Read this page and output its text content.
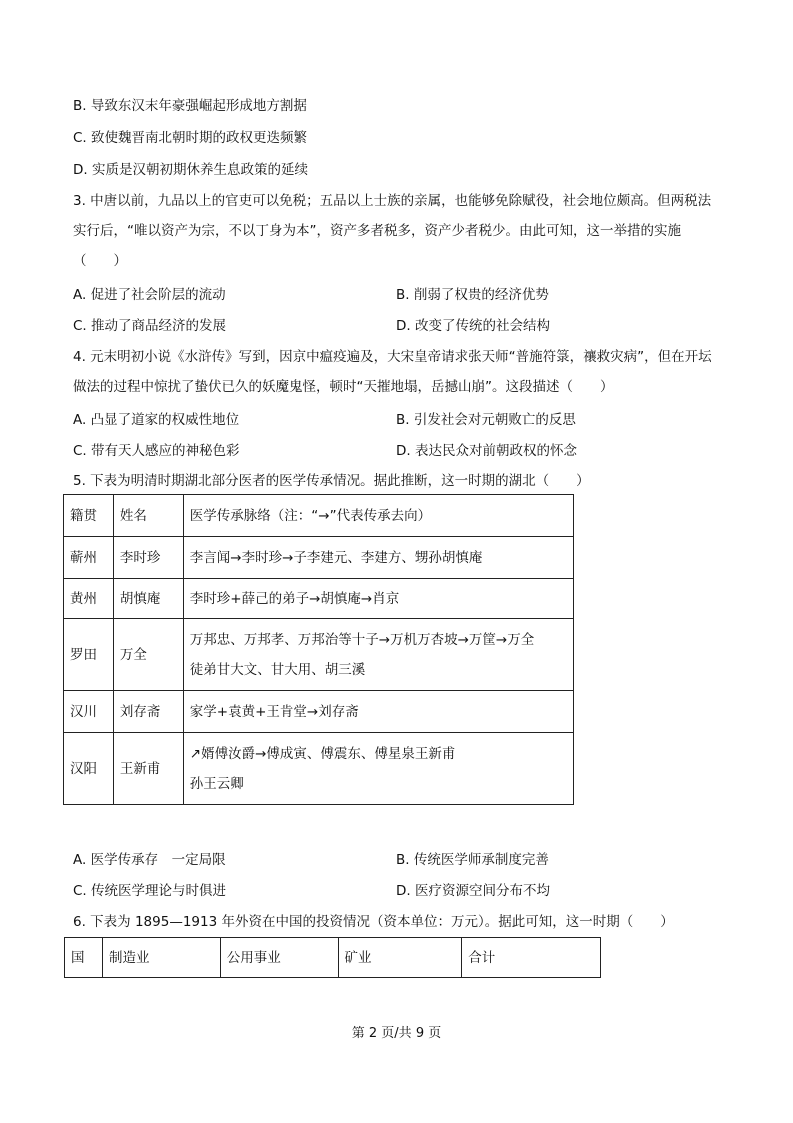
B. 导致东汉末年豪强崛起形成地方割据
C. 致使魏晋南北朝时期的政权更迭频繁
D. 实质是汉朝初期休养生息政策的延续
3. 中唐以前，九品以上的官吏可以免税；五品以上士族的亲属，也能够免除赋役，社会地位颇高。但两税法实行后，“唯以资产为宗，不以丁身为本”，资产多者税多，资产少者税少。由此可知，这一举措的实施（　　）
A. 促进了社会阶层的流动	B. 削弱了权贵的经济优势
C. 推动了商品经济的发展	D. 改变了传统的社会结构
4. 元末明初小说《水浒传》写到，因京中瘟疫遍及，大宋皇帝请求张天师“普施符箓，禳救灾病”，但在开坛做法的过程中惊扰了蛰伏已久的妖魔鬼怪，顿时“天摧地塌，岳撼山崩”。这段描述（　　）
A. 凸显了道家的权威性地位	B. 引发社会对元朝败亡的反思
C. 带有天人感应的神秘色彩	D. 表达民众对前朝政权的怀念
5. 下表为明清时期湖北部分医者的医学传承情况。据此推断，这一时期的湖北（　　）
籍贯	姓名	医学传承脉络（注：“→”代表传承去向）
蕲州	李时珍	李言闻→李时珍→子李建元、李建方、甥孙胡慎庵
黄州	胡慎庵	李时珍+薛己的弟子→胡慎庵→肖京
罗田	万全	万邦忠、万邦孝、万邦治等十子→万机万杏坡→万筐→万全
徒弟甘大文、甘大用、胡三溪

汉川	刘存斋	家学+袁黄+王肯堂→刘存斋
汉阳	王新甫	↗婿傅汝爵→傅成寅、傅震东、傅星泉王新甫
孙王云卿
A. 医学传承存　一定局限	B. 传统医学师承制度完善
C. 传统医学理论与时俱进	D. 医疗资源空间分布不均
6. 下表为 1895—1913 年外资在中国的投资情况（资本单位：万元）。据此可知，这一时期（　　）
国	制造业	公用事业	矿业	合计
第 2 页/共 9 页
